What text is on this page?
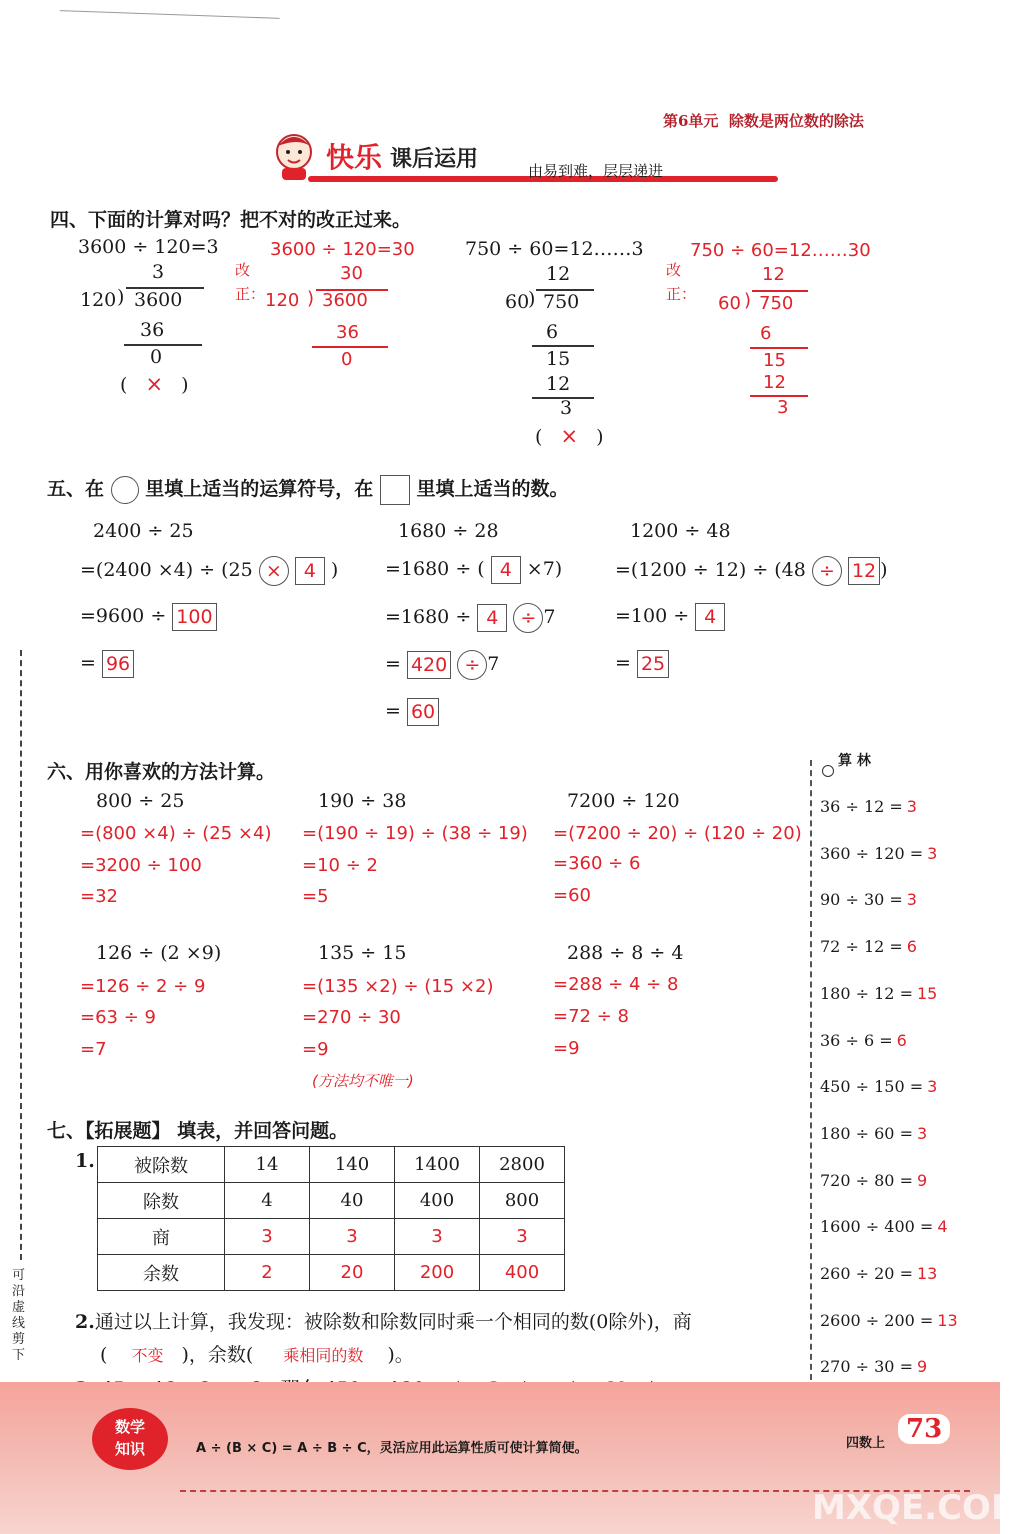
第6单元 除数是两位数的除法
快乐 课后运用	由易到难，层层递进
四、下面的计算对吗？把不对的改正过来。
3600 ÷ 120=3
3
120 ) 3600
36
0
( × )
改正：
3600 ÷ 120=30
30
120 ) 3600
36
0
750 ÷ 60=12……3
12
60
) 750
6
15
12
3
( × )
改正：
750 ÷ 60=12……30
12
60 ) 750
6
15
12
3
五、在 里填上适当的运算符号，在 里填上适当的数。
2400 ÷ 25
=(2400 ×4) ÷ (25 × 4 )
=9600 ÷ 100
= 96
1680 ÷ 28
=1680 ÷ ( 4 ×7)
=1680 ÷ 4 ÷ 7
= 420 ÷ 7
= 60
1200 ÷ 48
=(1200 ÷ 12) ÷ (48 ÷ 12 )
=100 ÷ 4
= 25
六、用你喜欢的方法计算。
800 ÷ 25
=(800 ×4) ÷ (25 ×4)
=3200 ÷ 100
=32
190 ÷ 38
=(190 ÷ 19) ÷ (38 ÷ 19)
=10 ÷ 2
=5
7200 ÷ 120
=(7200 ÷ 20) ÷ (120 ÷ 20)
=360 ÷ 6
=60
126 ÷ (2 ×9)
=126 ÷ 2 ÷ 9
=63 ÷ 9
=7
135 ÷ 15
=(135 ×2) ÷ (15 ×2)
=270 ÷ 30
=9
288 ÷ 8 ÷ 4
=288 ÷ 4 ÷ 8
=72 ÷ 8
=9
(方法均不唯一)
算 林
36 ÷ 12 = 3
360 ÷ 120 = 3
90 ÷ 30 = 3
72 ÷ 12 = 6
180 ÷ 12 = 15
36 ÷ 6 = 6
450 ÷ 150 = 3
180 ÷ 60 = 3
720 ÷ 80 = 9
1600 ÷ 400 = 4
260 ÷ 20 = 13
2600 ÷ 200 = 13
270 ÷ 30 = 9
七、【拓展题】 填表，并回答问题。
1. 被除数	14	140	1400	2800
除数	4	40	400	800
商	3	3	3	3
余数	2	20	200	400
2.通过以上计算，我发现：被除数和除数同时乘一个相同的数(0除外)，商
( 不变 )，余数( 乘相同的数 )。
可沿虚线剪下
数学
知识	A ÷ (B × C) = A ÷ B ÷ C，灵活应用此运算性质可使计算简便。	四数上 73
MXQE.COM
